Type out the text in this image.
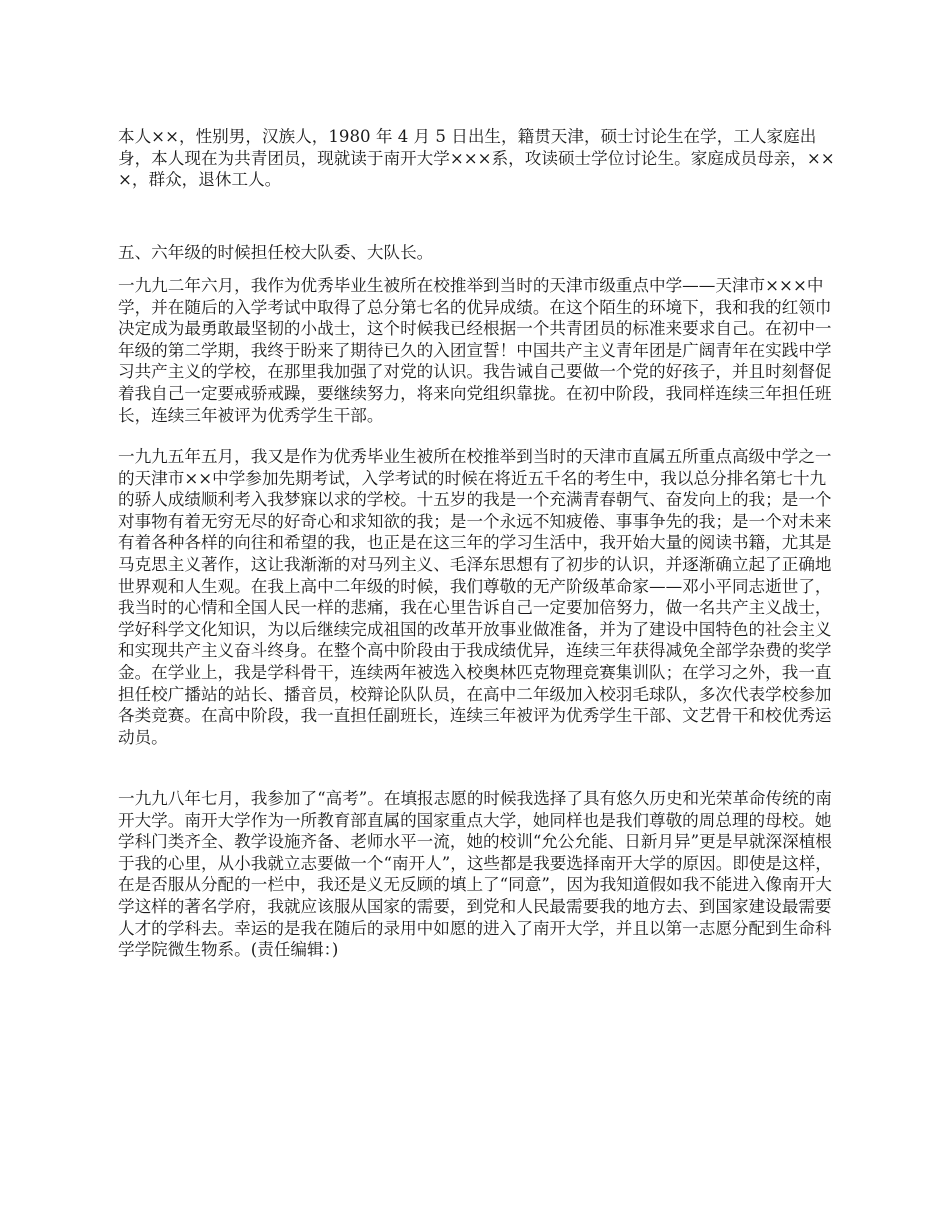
本人××，性别男，汉族人，1980 年 4 月 5 日出生，籍贯天津，硕士讨论生在学，工人家庭出身，本人现在为共青团员，现就读于南开大学×××系，攻读硕士学位讨论生。家庭成员母亲，×××，群众，退休工人。

五、六年级的时候担任校大队委、大队长。

一九九二年六月，我作为优秀毕业生被所在校推举到当时的天津市级重点中学——天津市×××中学，并在随后的入学考试中取得了总分第七名的优异成绩。在这个陌生的环境下，我和我的红领巾决定成为最勇敢最坚韧的小战士，这个时候我已经根据一个共青团员的标准来要求自己。在初中一年级的第二学期，我终于盼来了期待已久的入团宣誓！中国共产主义青年团是广阔青年在实践中学习共产主义的学校，在那里我加强了对党的认识。我告诫自己要做一个党的好孩子，并且时刻督促着我自己一定要戒骄戒躁，要继续努力，将来向党组织靠拢。在初中阶段，我同样连续三年担任班长，连续三年被评为优秀学生干部。

一九九五年五月，我又是作为优秀毕业生被所在校推举到当时的天津市直属五所重点高级中学之一的天津市××中学参加先期考试，入学考试的时候在将近五千名的考生中，我以总分排名第七十九的骄人成绩顺利考入我梦寐以求的学校。十五岁的我是一个充满青春朝气、奋发向上的我；是一个对事物有着无穷无尽的好奇心和求知欲的我；是一个永远不知疲倦、事事争先的我；是一个对未来有着各种各样的向往和希望的我，也正是在这三年的学习生活中，我开始大量的阅读书籍，尤其是马克思主义著作，这让我渐渐的对马列主义、毛泽东思想有了初步的认识，并逐渐确立起了正确地世界观和人生观。在我上高中二年级的时候，我们尊敬的无产阶级革命家——邓小平同志逝世了，我当时的心情和全国人民一样的悲痛，我在心里告诉自己一定要加倍努力，做一名共产主义战士，学好科学文化知识，为以后继续完成祖国的改革开放事业做准备，并为了建设中国特色的社会主义和实现共产主义奋斗终身。在整个高中阶段由于我成绩优异，连续三年获得减免全部学杂费的奖学金。在学业上，我是学科骨干，连续两年被选入校奥林匹克物理竞赛集训队；在学习之外，我一直担任校广播站的站长、播音员，校辩论队队员，在高中二年级加入校羽毛球队，多次代表学校参加各类竞赛。在高中阶段，我一直担任副班长，连续三年被评为优秀学生干部、文艺骨干和校优秀运动员。

一九九八年七月，我参加了“高考”。在填报志愿的时候我选择了具有悠久历史和光荣革命传统的南开大学。南开大学作为一所教育部直属的国家重点大学，她同样也是我们尊敬的周总理的母校。她学科门类齐全、教学设施齐备、老师水平一流，她的校训“允公允能、日新月异”更是早就深深植根于我的心里，从小我就立志要做一个“南开人”，这些都是我要选择南开大学的原因。即使是这样，在是否服从分配的一栏中，我还是义无反顾的填上了“同意”，因为我知道假如我不能进入像南开大学这样的著名学府，我就应该服从国家的需要，到党和人民最需要我的地方去、到国家建设最需要人才的学科去。幸运的是我在随后的录用中如愿的进入了南开大学，并且以第一志愿分配到生命科学学院微生物系。(责任编辑：)
